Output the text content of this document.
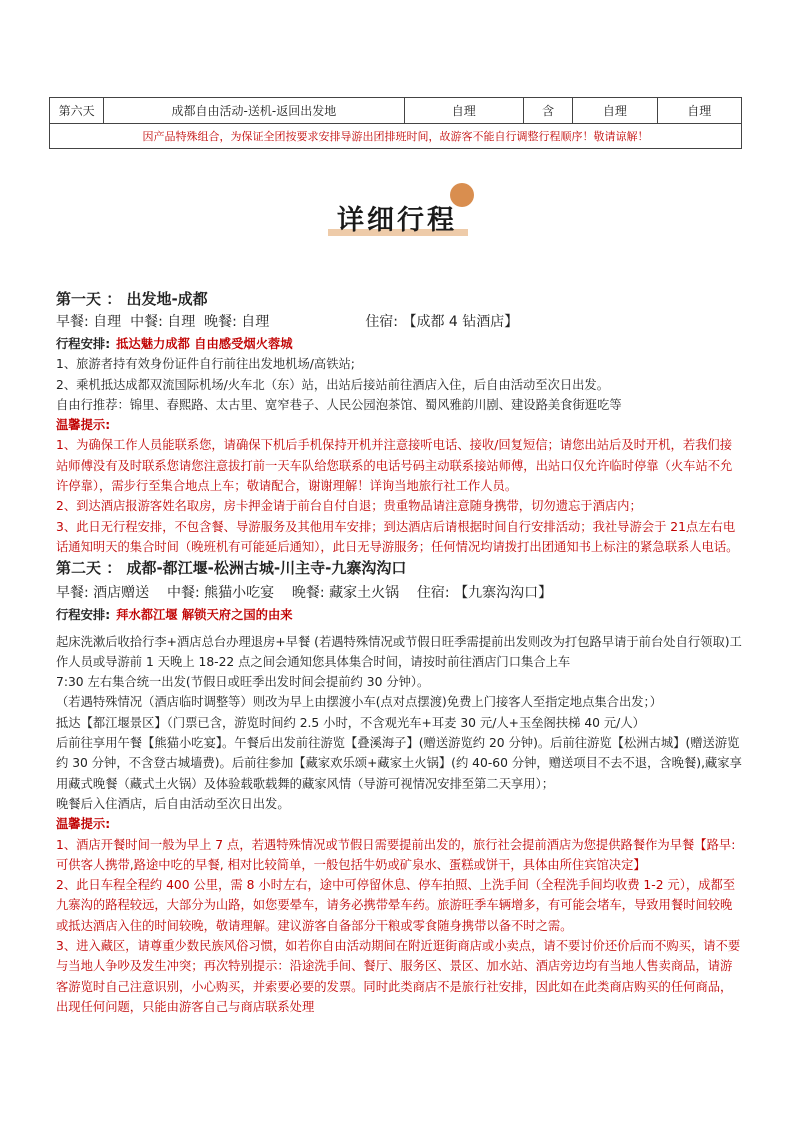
第六天	成都自由活动-送机-返回出发地	自理	含	自理	自理
因产品特殊组合，为保证全团按要求安排导游出团排班时间，故游客不能自行调整行程顺序！敬请谅解！
详细行程
第一天 ： 出发地-成都
早餐: 自理  中餐: 自理  晚餐: 自理	住宿: 【成都 4 钻酒店】

行程安排: 抵达魅力成都 自由感受烟火蓉城

1、旅游者持有效身份证件自行前往出发地机场/高铁站;

2、乘机抵达成都双流国际机场/火车北（东）站，出站后接站前往酒店入住，后自由活动至次日出发。

自由行推荐：锦里、春熙路、太古里、宽窄巷子、人民公园泡茶馆、蜀风雅韵川剧、建设路美食街逛吃等

温馨提示:

1、为确保工作人员能联系您，请确保下机后手机保持开机并注意接听电话、接收/回复短信；请您出站后及时开机，若我们接站师傅没有及时联系您请您注意拔打前一天车队给您联系的电话号码主动联系接站师傅，出站口仅允许临时停靠（火车站不允许停靠），需步行至集合地点上车；敬请配合，谢谢理解！详询当地旅行社工作人员。

2、到达酒店报游客姓名取房，房卡押金请于前台自付自退；贵重物品请注意随身携带，切勿遗忘于酒店内；

3、此日无行程安排，不包含餐、导游服务及其他用车安排；到达酒店后请根据时间自行安排活动；我社导游会于 21点左右电话通知明天的集合时间（晚班机有可能延后通知），此日无导游服务；任何情况均请拨打出团通知书上标注的紧急联系人电话。

第二天 ： 成都-都江堰-松洲古城-川主寺-九寨沟沟口
早餐: 酒店赠送    中餐: 熊猫小吃宴    晚餐: 藏家土火锅    住宿: 【九寨沟沟口】

行程安排: 拜水都江堰 解锁天府之国的由来

起床洗漱后收拾行李+酒店总台办理退房+早餐 (若遇特殊情况或节假日旺季需提前出发则改为打包路早请于前台处自行领取)工作人员或导游前 1 天晚上 18-22 点之间会通知您具体集合时间，请按时前往酒店门口集合上车

7:30 左右集合统一出发(节假日或旺季出发时间会提前约 30 分钟）。

（若遇特殊情况（酒店临时调整等）则改为早上由摆渡小车(点对点摆渡)免费上门接客人至指定地点集合出发；）

抵达【都江堰景区】（门票已含，游览时间约 2.5 小时，不含观光车+耳麦 30 元/人+玉垒阁扶梯 40 元/人）

后前往享用午餐【熊猫小吃宴】。午餐后出发前往游览【叠溪海子】(赠送游览约 20 分钟)。后前往游览【松洲古城】(赠送游览约 30 分钟，不含登古城墙费)。后前往参加【藏家欢乐颂+藏家土火锅】(约 40-60 分钟，赠送项目不去不退，含晚餐),藏家享用藏式晚餐（藏式土火锅）及体验载歌载舞的藏家风情（导游可视情况安排至第二天享用）；

晚餐后入住酒店，后自由活动至次日出发。

温馨提示:

1、酒店开餐时间一般为早上 7 点，若遇特殊情况或节假日需要提前出发的，旅行社会提前酒店为您提供路餐作为早餐【路早:可供客人携带,路途中吃的早餐, 相对比较简单，一般包括牛奶或矿泉水、蛋糕或饼干，具体由所住宾馆决定】

2、此日车程全程约 400 公里，需 8 小时左右，途中可停留休息、停车拍照、上洗手间（全程洗手间均收费 1-2 元），成都至九寨沟的路程较远，大部分为山路，如您要晕车，请务必携带晕车药。旅游旺季车辆增多，有可能会堵车，导致用餐时间较晚或抵达酒店入住的时间较晚，敬请理解。建议游客自备部分干粮或零食随身携带以备不时之需。

3、进入藏区，请尊重少数民族风俗习惯，如若你自由活动期间在附近逛街商店或小卖点，请不要讨价还价后而不购买，请不要与当地人争吵及发生冲突；再次特别提示：沿途洗手间、餐厅、服务区、景区、加水站、酒店旁边均有当地人售卖商品，请游客游览时自己注意识别，小心购买，并索要必要的发票。同时此类商店不是旅行社安排，因此如在此类商店购买的任何商品，出现任何问题，只能由游客自己与商店联系处理
